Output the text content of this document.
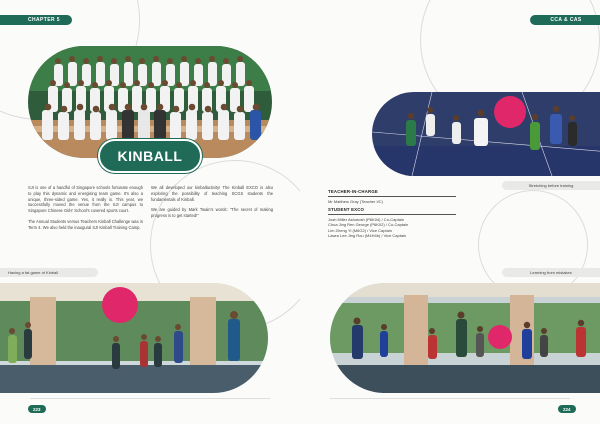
CHAPTER 5
KINBALL

SJI is one of a handful of Singapore schools fortunate enough to play this dynamic and energising team game. It's also a unique, three-sided game. Yes, it really is. This year, we successfully moved the venue from the SJI campus to Singapore Chinese Girls' School's covered sports court.

The Annual Students versus Teachers Kinball Challenge was in Term 4. We also held the inaugural SJI Kinball Training Camp.

We all developed our kinballactivity! The Kinball EXCO is also exploring the possibility of teaching SCGS students the fundamentals of Kinball.

We are guided by Mark Twain's words: "The secret of making progress is to get started!"

Having a fat game of Kinball
223
CCA & CAS
Stretching before training
TEACHER-IN-CHARGE
Mr Matthew Gray (Teacher I/C)
STUDENT EXCO
Josh Miller Ashutosh (P6K04) / Co-Captain
Chua Jing Ren George (P6K02) / Co-Captain
Lim Zheng Yi (M6G2) / Vice Captain
Lawra Lee Jing Rou (M4H4b) / Vice Captain
Learning from mistakes
224
